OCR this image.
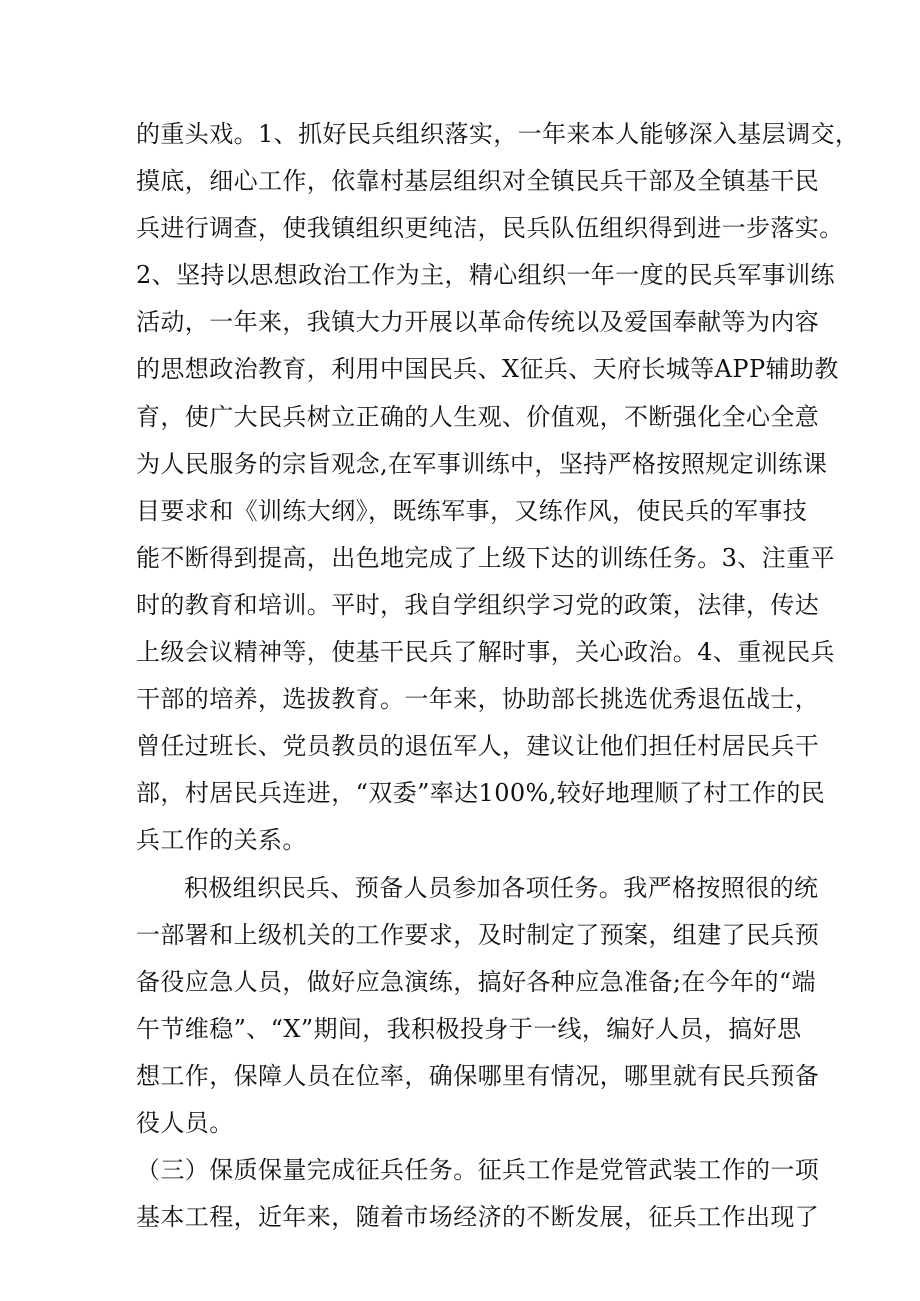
的重头戏。1、抓好民兵组织落实，一年来本人能够深入基层调交，
摸底，细心工作，依靠村基层组织对全镇民兵干部及全镇基干民
兵进行调查，使我镇组织更纯洁，民兵队伍组织得到进一步落实。
2、坚持以思想政治工作为主，精心组织一年一度的民兵军事训练
活动，一年来，我镇大力开展以革命传统以及爱国奉献等为内容
的思想政治教育，利用中国民兵、X征兵、天府长城等APP辅助教
育，使广大民兵树立正确的人生观、价值观，不断强化全心全意
为人民服务的宗旨观念,在军事训练中，坚持严格按照规定训练课
目要求和《训练大纲》，既练军事，又练作风，使民兵的军事技
能不断得到提高，出色地完成了上级下达的训练任务。3、注重平
时的教育和培训。平时，我自学组织学习党的政策，法律，传达
上级会议精神等，使基干民兵了解时事，关心政治。4、重视民兵
干部的培养，选拔教育。一年来，协助部长挑选优秀退伍战士，
曾任过班长、党员教员的退伍军人，建议让他们担任村居民兵干
部，村居民兵连进，“双委”率达100%,较好地理顺了村工作的民
兵工作的关系。
积极组织民兵、预备人员参加各项任务。我严格按照很的统
一部署和上级机关的工作要求，及时制定了预案，组建了民兵预
备役应急人员，做好应急演练，搞好各种应急准备;在今年的“端
午节维稳”、“X”期间，我积极投身于一线，编好人员，搞好思
想工作，保障人员在位率，确保哪里有情况，哪里就有民兵预备
役人员。
（三）保质保量完成征兵任务。征兵工作是党管武装工作的一项
基本工程，近年来，随着市场经济的不断发展，征兵工作出现了
